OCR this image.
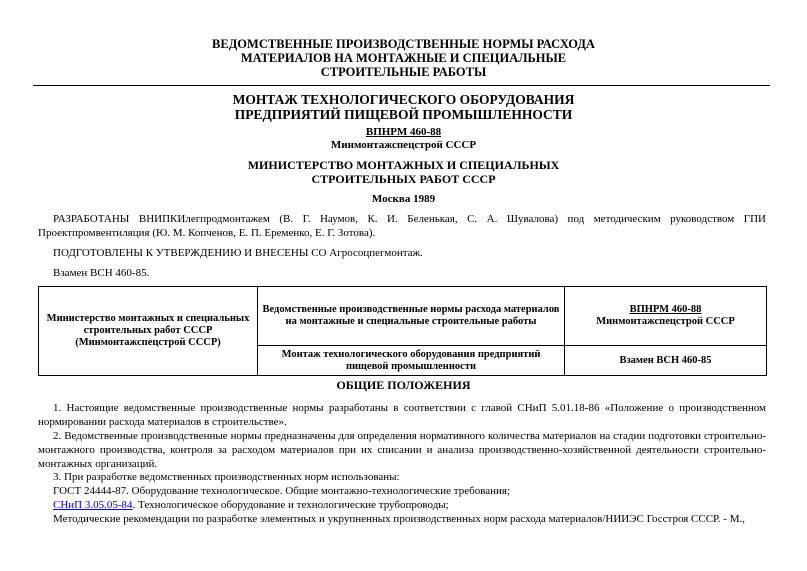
ВЕДОМСТВЕННЫЕ ПРОИЗВОДСТВЕННЫЕ НОРМЫ РАСХОДА
МАТЕРИАЛОВ НА МОНТАЖНЫЕ И СПЕЦИАЛЬНЫЕ
СТРОИТЕЛЬНЫЕ РАБОТЫ
МОНТАЖ ТЕХНОЛОГИЧЕСКОГО ОБОРУДОВАНИЯ
ПРЕДПРИЯТИЙ ПИЩЕВОЙ ПРОМЫШЛЕННОСТИ
ВПНРМ 460-88
Минмонтажспецстрой СССР
МИНИСТЕРСТВО МОНТАЖНЫХ И СПЕЦИАЛЬНЫХ
СТРОИТЕЛЬНЫХ РАБОТ СССР
Москва 1989
РАЗРАБОТАНЫ ВНИПКИлегпродмонтажем (В. Г. Наумов, К. И. Беленькая, С. А. Шувалова) под методическим руководством ГПИ Проектпромвентиляция (Ю. М. Копченов, Е. П. Еременко, Е. Г. Зотова).
ПОДГОТОВЛЕНЫ К УТВЕРЖДЕНИЮ И ВНЕСЕНЫ СО Агросоцпегмонтаж.
Взамен ВСН 460-85.
Министерство монтажных и специальных строительных работ СССР (Минмонтажспецстрой СССР)	Ведомственные производственные нормы расхода материалов на монтажные и специальные строительные работы	ВПНРМ 460-88
Минмонтажспецстрой СССР

	Монтаж технологического оборудования предприятий пищевой промышленности	Взамен ВСН 460-85
ОБЩИЕ ПОЛОЖЕНИЯ
1. Настоящие ведомственные производственные нормы разработаны в соответствии с главой СНиП 5.01.18-86 «Положение о производственном нормировании расхода материалов в строительстве».
2. Ведомственные производственные нормы предназначены для определения нормативного количества материалов на стадии подготовки строительно-монтажного производства, контроля за расходом материалов при их списании и анализа производственно-хозяйственной деятельности строительно-монтажных организаций.
3. При разработке ведомственных производственных норм использованы:
ГОСТ 24444-87. Оборудование технологическое. Общие монтажно-технологические требования;
СНиП 3.05.05-84. Технологическое оборудование и технологические трубопроводы;
Методические рекомендации по разработке элементных и укрупненных производственных норм расхода материалов/НИИЭС Госстроя СССР. - М.,
